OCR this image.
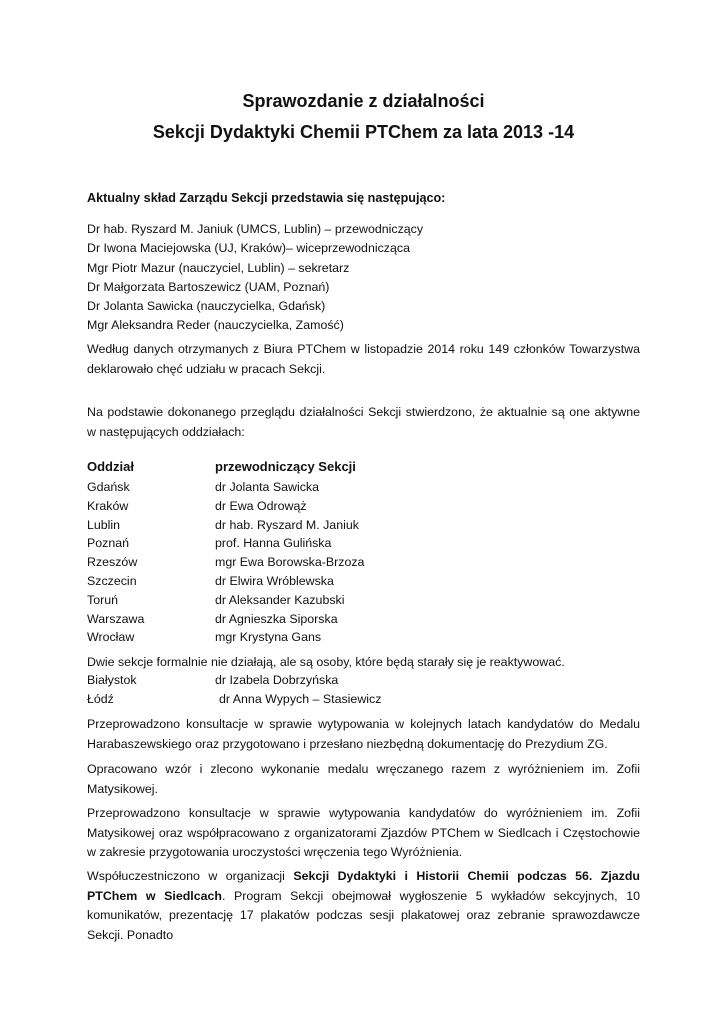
Sprawozdanie z działalności
Sekcji Dydaktyki Chemii PTChem za lata 2013 -14

Aktualny skład Zarządu Sekcji przedstawia się następująco:

Dr hab. Ryszard M. Janiuk (UMCS, Lublin) – przewodniczący
Dr Iwona Maciejowska (UJ, Kraków)– wiceprzewodnicząca
Mgr Piotr Mazur (nauczyciel, Lublin) – sekretarz
Dr Małgorzata Bartoszewicz (UAM, Poznań)
Dr Jolanta Sawicka (nauczycielka, Gdańsk)
Mgr Aleksandra Reder (nauczycielka, Zamość)

Według danych otrzymanych z Biura PTChem w listopadzie 2014 roku 149 członków Towarzystwa deklarowało chęć udziału w pracach Sekcji.

Na podstawie dokonanego przeglądu działalności Sekcji stwierdzono, że aktualnie są one aktywne w następujących oddziałach:

Oddział	przewodniczący Sekcji
Gdańsk	dr Jolanta Sawicka
Kraków	dr Ewa Odrowąż
Lublin	dr hab. Ryszard M. Janiuk
Poznań	prof. Hanna Gulińska
Rzeszów	mgr Ewa Borowska-Brzoza
Szczecin	dr Elwira Wróblewska
Toruń	dr Aleksander Kazubski
Warszawa	dr Agnieszka Siporska
Wrocław	mgr Krystyna Gans

Dwie sekcje formalnie nie działają, ale są osoby, które będą starały się je reaktywować.

Białystok	dr Izabela Dobrzyńska
Łódź	dr Anna Wypych – Stasiewicz

Przeprowadzono konsultacje w sprawie wytypowania w kolejnych latach kandydatów do Medalu Harabaszewskiego oraz przygotowano i przesłano niezbędną dokumentację do Prezydium ZG.

Opracowano wzór i zlecono wykonanie medalu wręczanego razem z wyróżnieniem im. Zofii Matysikowej.

Przeprowadzono konsultacje w sprawie wytypowania kandydatów do wyróżnieniem im. Zofii Matysikowej oraz współpracowano z organizatorami Zjazdów PTChem w Siedlcach i Częstochowie w zakresie przygotowania uroczystości wręczenia tego Wyróżnienia.

Współuczestniczono w organizacji Sekcji Dydaktyki i Historii Chemii podczas 56. Zjazdu PTChem w Siedlcach. Program Sekcji obejmował wygłoszenie 5 wykładów sekcyjnych, 10 komunikatów, prezentację 17 plakatów podczas sesji plakatowej oraz zebranie sprawozdawcze Sekcji. Ponadto
